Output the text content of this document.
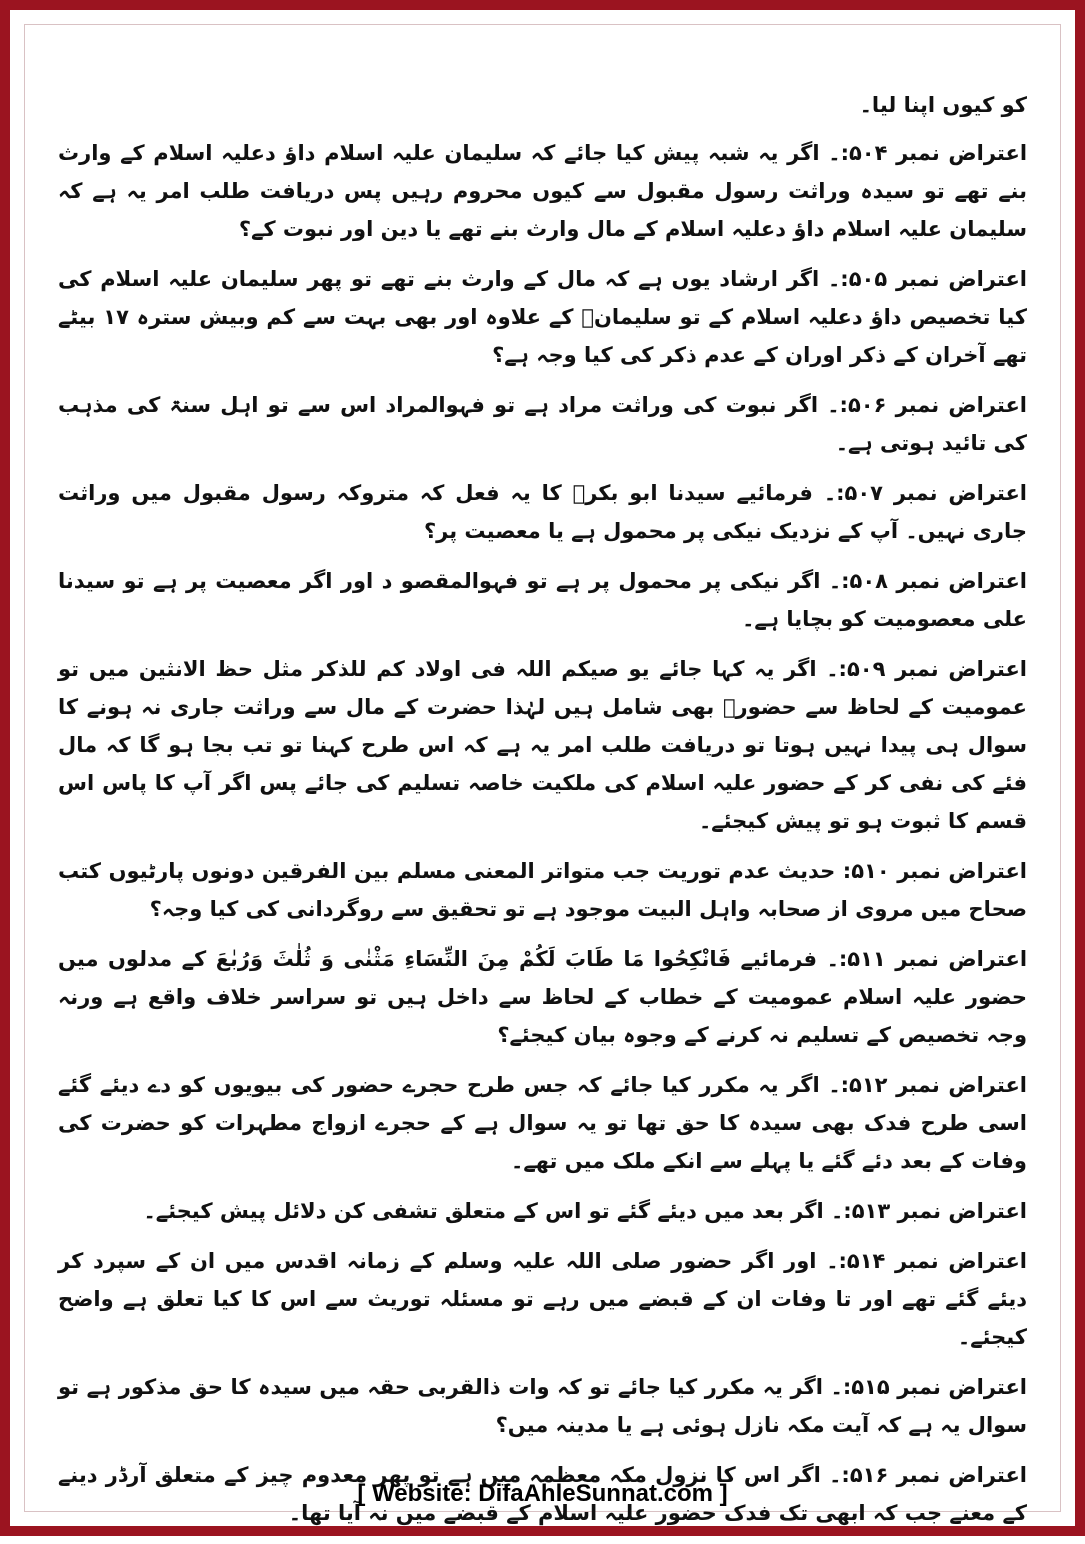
کو کیوں اپنا لیا۔

اعتراض نمبر ۵۰۴:۔ اگر یہ شبہ پیش کیا جائے کہ سلیمان علیہ اسلام داؤ دعلیہ اسلام کے وارث بنے تھے تو سیدہ وراثت رسول مقبول سے کیوں محروم رہیں پس دریافت طلب امر یہ ہے کہ سلیمان علیہ اسلام داؤ دعلیہ اسلام کے مال وارث بنے تھے یا دین اور نبوت کے؟

اعتراض نمبر ۵۰۵:۔ اگر ارشاد یوں ہے کہ مال کے وارث بنے تھے تو پھر سلیمان علیہ اسلام کی کیا تخصیص داؤ دعلیہ اسلام کے تو سلیمانؑ کے علاوہ اور بھی بہت سے کم وبیش سترہ ۱۷ بیٹے تھے آخران کے ذکر اوران کے عدم ذکر کی کیا وجہ ہے؟

اعتراض نمبر ۵۰۶:۔ اگر نبوت کی وراثت مراد ہے تو فہوالمراد اس سے تو اہل سنۃ کی مذہب کی تائید ہوتی ہے۔

اعتراض نمبر ۵۰۷:۔ فرمائیے سیدنا ابو بکرؓ کا یہ فعل کہ متروکہ رسول مقبول میں وراثت جاری نہیں۔ آپ کے نزدیک نیکی پر محمول ہے یا معصیت پر؟

اعتراض نمبر ۵۰۸:۔ اگر نیکی پر محمول پر ہے تو فہوالمقصو د اور اگر معصیت پر ہے تو سیدنا علی معصومیت کو بچایا ہے۔

اعتراض نمبر ۵۰۹:۔ اگر یہ کہا جائے یو صیکم اللہ فی اولاد کم للذکر مثل حظ الانثین میں تو عمومیت کے لحاظ سے حضورؐ بھی شامل ہیں لہٰذا حضرت کے مال سے وراثت جاری نہ ہونے کا سوال ہی پیدا نہیں ہوتا تو دریافت طلب امر یہ ہے کہ اس طرح کہنا تو تب بجا ہو گا کہ مال فئے کی نفی کر کے حضور علیہ اسلام کی ملکیت خاصہ تسلیم کی جائے پس اگر آپ کا پاس اس قسم کا ثبوت ہو تو پیش کیجئے۔

اعتراض نمبر ۵۱۰: حدیث عدم توریت جب متواتر المعنی مسلم بین الفرقین دونوں پارٹیوں کتب صحاح میں مروی از صحابہ واہل البیت موجود ہے تو تحقیق سے روگردانی کی کیا وجہ؟

اعتراض نمبر ۵۱۱:۔ فرمائیے فَانْكِحُوا مَا طَابَ لَكُمْ مِنَ النِّسَاءِ مَثْنٰى وَ ثُلٰثَ وَرُبٰعَ کے مدلوں میں حضور علیہ اسلام عمومیت کے خطاب کے لحاظ سے داخل ہیں تو سراسر خلاف واقع ہے ورنہ وجہ تخصیص کے تسلیم نہ کرنے کے وجوہ بیان کیجئے؟

اعتراض نمبر ۵۱۲:۔ اگر یہ مکرر کیا جائے کہ جس طرح حجرے حضور کی بیویوں کو دے دیئے گئے اسی طرح فدک بھی سیدہ کا حق تھا تو یہ سوال ہے کے حجرے ازواج مطہرات کو حضرت کی وفات کے بعد دئے گئے یا پہلے سے انکے ملک میں تھے۔

اعتراض نمبر ۵۱۳:۔ اگر بعد میں دیئے گئے تو اس کے متعلق تشفی کن دلائل پیش کیجئے۔

اعتراض نمبر ۵۱۴:۔ اور اگر حضور صلی اللہ علیہ وسلم کے زمانہ اقدس میں ان کے سپرد کر دیئے گئے تھے اور تا وفات ان کے قبضے میں رہے تو مسئلہ توریث سے اس کا کیا تعلق ہے واضح کیجئے۔

اعتراض نمبر ۵۱۵:۔ اگر یہ مکرر کیا جائے تو کہ وات ذالقربی حقہ میں سیدہ کا حق مذکور ہے تو سوال یہ ہے کہ آیت مکہ نازل ہوئی ہے یا مدینہ میں؟

اعتراض نمبر ۵۱۶:۔ اگر اس کا نزول مکہ معظمہ میں ہے تو پھر معدوم چیز کے متعلق آرڈر دینے کے معنے جب کہ ابھی تک فدک حضور علیہ اسلام کے قبضے میں نہ آیا تھا۔

[ Website: DifaAhleSunnat.com ]
